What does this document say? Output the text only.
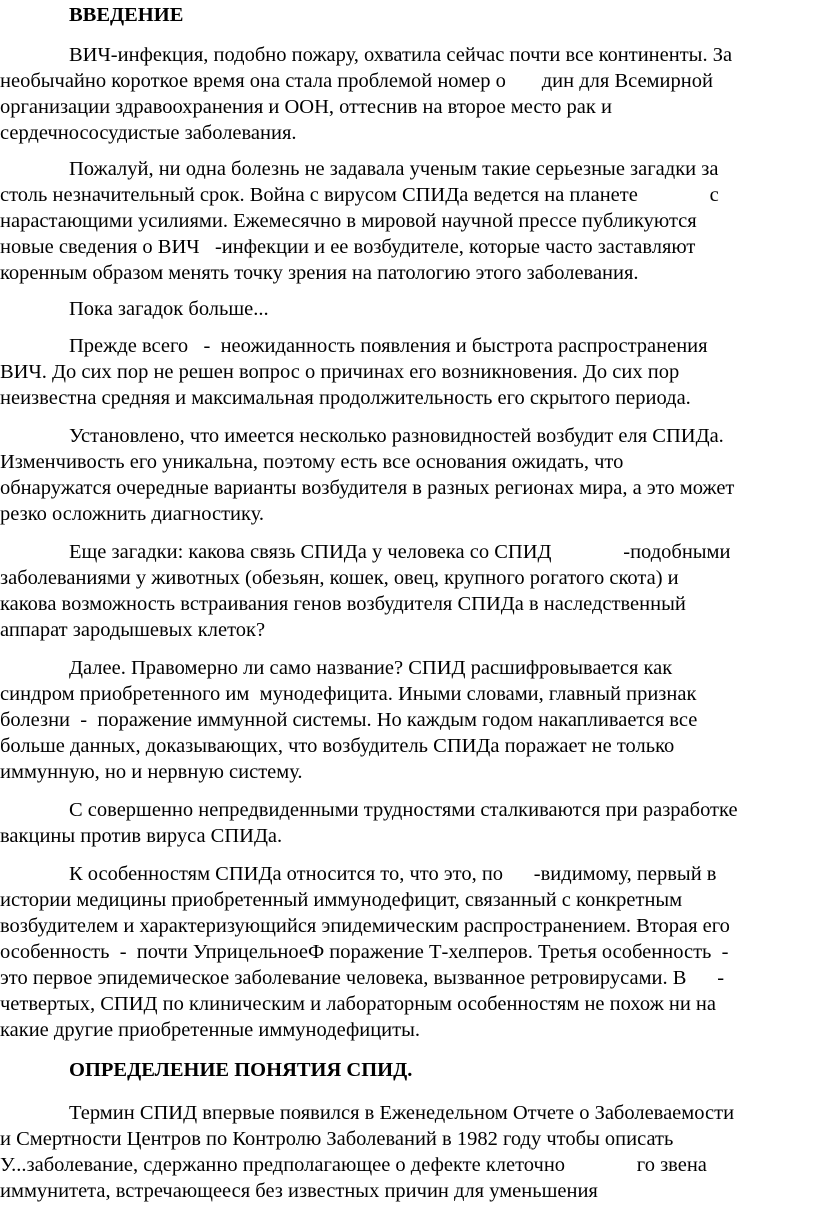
ВВЕДЕНИЕ
ВИЧ-инфекция, подобно пожару, охватила сейчас почти все континенты. За
необычайно короткое время она стала проблемой номер о       дин для Всемирной
организации здравоохранения и ООН, оттеснив на второе место рак и
сердечнососудистые заболевания.
Пожалуй, ни одна болезнь не задавала ученым такие серьезные загадки за
столь незначительный срок. Война с вирусом СПИДа ведется на планете              с
нарастающими усилиями. Ежемесячно в мировой научной прессе публикуются
новые сведения о ВИЧ   -инфекции и ее возбудителе, которые часто заставляют
коренным образом менять точку зрения на патологию этого заболевания.
Пока загадок больше...
Прежде всего   -  неожиданность появления и быстрота распространения
ВИЧ. До сих пор не решен вопрос о причинах его возникновения. До сих пор
неизвестна средняя и максимальная продолжительность его скрытого периода.
Установлено, что имеется несколько разновидностей возбудит еля СПИДа.
Изменчивость его уникальна, поэтому есть все основания ожидать, что
обнаружатся очередные варианты возбудителя в разных регионах мира, а это может
резко осложнить диагностику.
Еще загадки: какова связь СПИДа у человека со СПИД              -подобными
заболеваниями у животных (обезьян, кошек, овец, крупного рогатого скота) и
какова возможность встраивания генов возбудителя СПИДа в наследственный
аппарат зародышевых клеток?
Далее. Правомерно ли само название? СПИД расшифровывается как
синдром приобретенного им  мунодефицита. Иными словами, главный признак
болезни  -  поражение иммунной системы. Но каждым годом накапливается все
больше данных, доказывающих, что возбудитель СПИДа поражает не только
иммунную, но и нервную систему.
С совершенно непредвиденными трудностями сталкиваются при разработке
вакцины против вируса СПИДа.
К особенностям СПИДа относится то, что это, по      -видимому, первый в
истории медицины приобретенный иммунодефицит, связанный с конкретным
возбудителем и характеризующийся эпидемическим распространением. Вторая его
особенность  -  почти УприцельноеФ поражение Т-хелперов. Третья особенность  -
это первое эпидемическое заболевание человека, вызванное ретровирусами. В      -
четвертых, СПИД по клиническим и лабораторным особенностям не похож ни на
какие другие приобретенные иммунодефициты.
ОПРЕДЕЛЕНИЕ ПОНЯТИЯ СПИД.
Термин СПИД впервые появился в Еженедельном Отчете о Заболеваемости
и Смертности Центров по Контролю Заболеваний в 1982 году чтобы описать
У...заболевание, сдержанно предполагающее о дефекте клеточно              го звена
иммунитета, встречающееся без известных причин для уменьшения
